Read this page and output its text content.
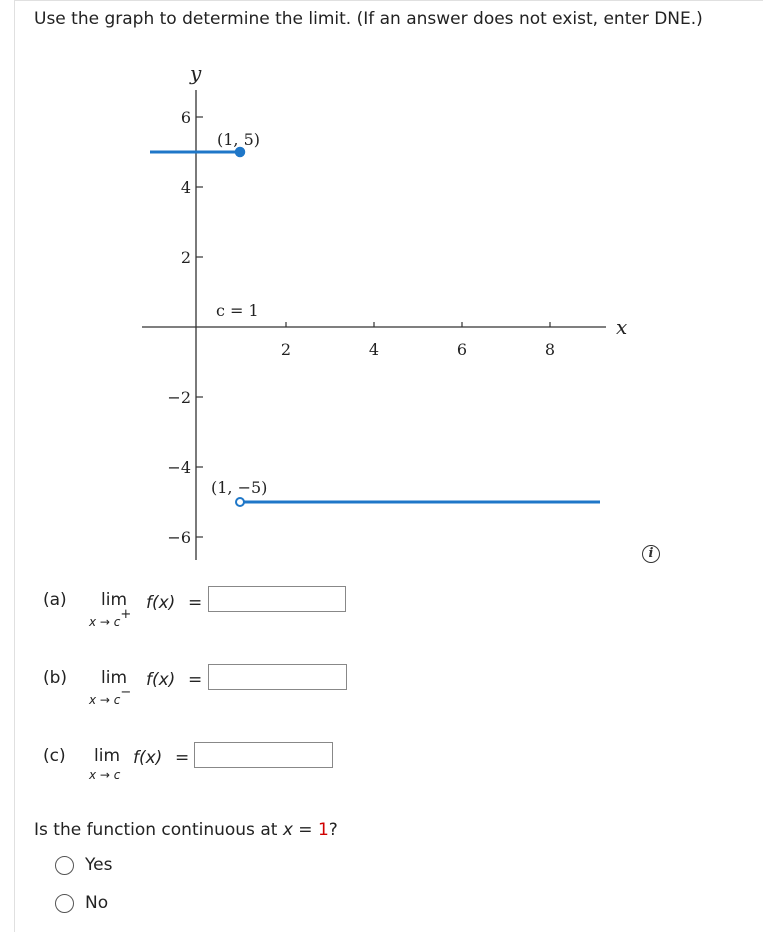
Use the graph to determine the limit. (If an answer does not exist, enter DNE.)
y
x
6
4
2
−2
−4
−6
2	4	6	8
c = 1
(1, 5)
(1, −5)
i
(a) lim
x → c+
f(x) =
(b) lim
x → c−
f(x) =
(c) lim
x → c
f(x) =
Is the function continuous at x = 1?
Yes
No
